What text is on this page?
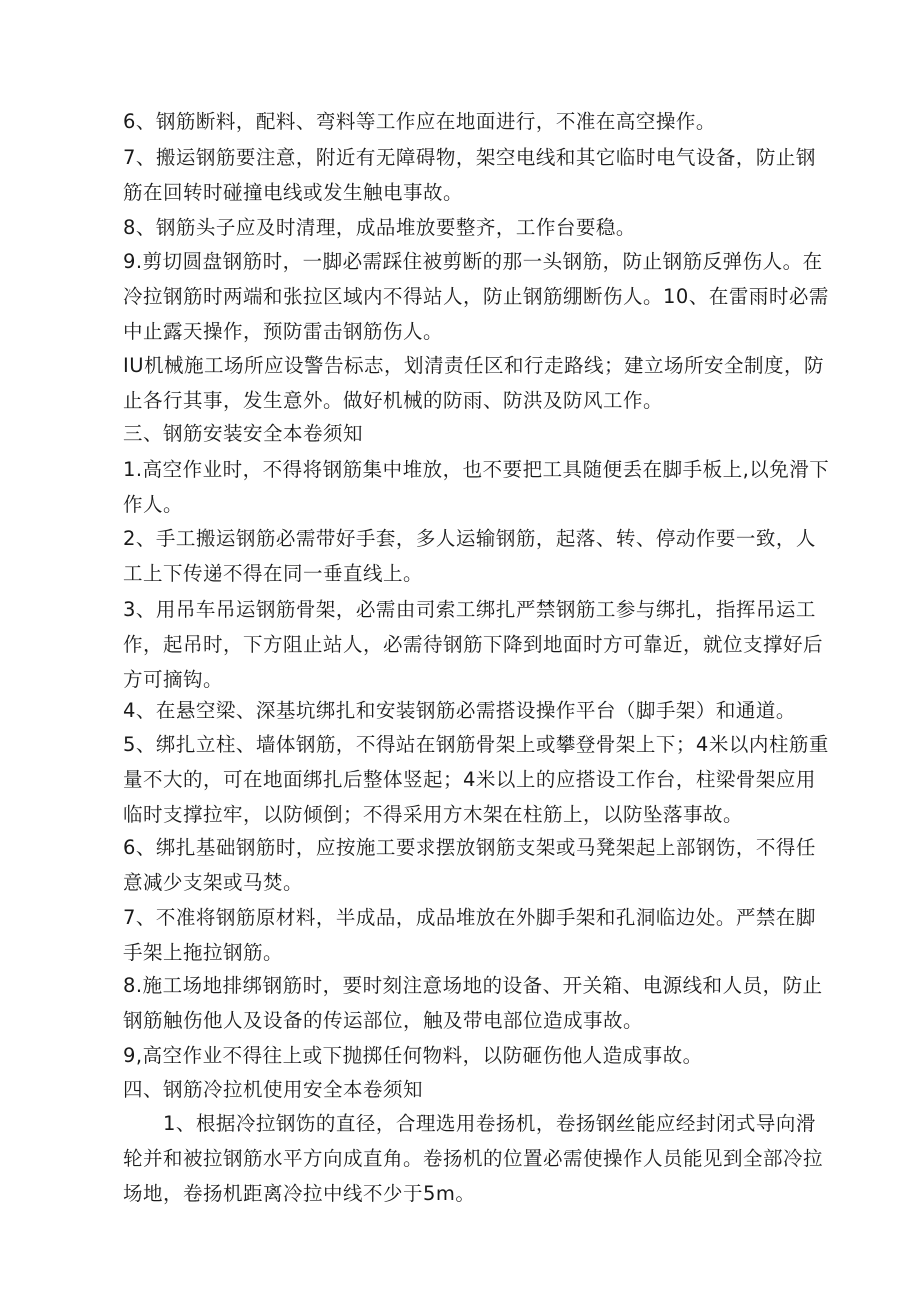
6、钢筋断料，配料、弯料等工作应在地面进行，不准在高空操作。

7、搬运钢筋要注意，附近有无障碍物，架空电线和其它临时电气设备，防止钢筋在回转时碰撞电线或发生触电事故。

8、钢筋头子应及时清理，成品堆放要整齐，工作台要稳。

9.剪切圆盘钢筋时，一脚必需踩住被剪断的那一头钢筋，防止钢筋反弹伤人。在冷拉钢筋时两端和张拉区域内不得站人，防止钢筋绷断伤人。10、在雷雨时必需中止露天操作，预防雷击钢筋伤人。

IU机械施工场所应设警告标志，划清责任区和行走路线；建立场所安全制度，防止各行其事，发生意外。做好机械的防雨、防洪及防风工作。

三、钢筋安装安全本卷须知

1.高空作业时，不得将钢筋集中堆放，也不要把工具随便丢在脚手板上,以免滑下作人。

2、手工搬运钢筋必需带好手套，多人运输钢筋，起落、转、停动作要一致，人工上下传递不得在同一垂直线上。

3、用吊车吊运钢筋骨架，必需由司索工绑扎严禁钢筋工参与绑扎，指挥吊运工作，起吊时，下方阻止站人，必需待钢筋下降到地面时方可靠近，就位支撑好后方可摘钩。

4、在悬空梁、深基坑绑扎和安装钢筋必需搭设操作平台（脚手架）和通道。

5、绑扎立柱、墙体钢筋，不得站在钢筋骨架上或攀登骨架上下；4米以内柱筋重量不大的，可在地面绑扎后整体竖起；4米以上的应搭设工作台，柱梁骨架应用临时支撑拉牢，以防倾倒；不得采用方木架在柱筋上，以防坠落事故。

6、绑扎基础钢筋时，应按施工要求摆放钢筋支架或马凳架起上部钢饬，不得任意减少支架或马焚。

7、不准将钢筋原材料，半成品，成品堆放在外脚手架和孔洞临边处。严禁在脚手架上拖拉钢筋。

8.施工场地排绑钢筋时，要时刻注意场地的设备、开关箱、电源线和人员，防止钢筋触伤他人及设备的传运部位，触及带电部位造成事故。

9,高空作业不得往上或下抛掷任何物料，以防砸伤他人造成事故。

四、钢筋冷拉机使用安全本卷须知

1、根据冷拉钢饬的直径，合理选用卷扬机，卷扬钢丝能应经封闭式导向滑轮并和被拉钢筋水平方向成直角。卷扬机的位置必需使操作人员能见到全部冷拉场地，卷扬机距离冷拉中线不少于5m。
